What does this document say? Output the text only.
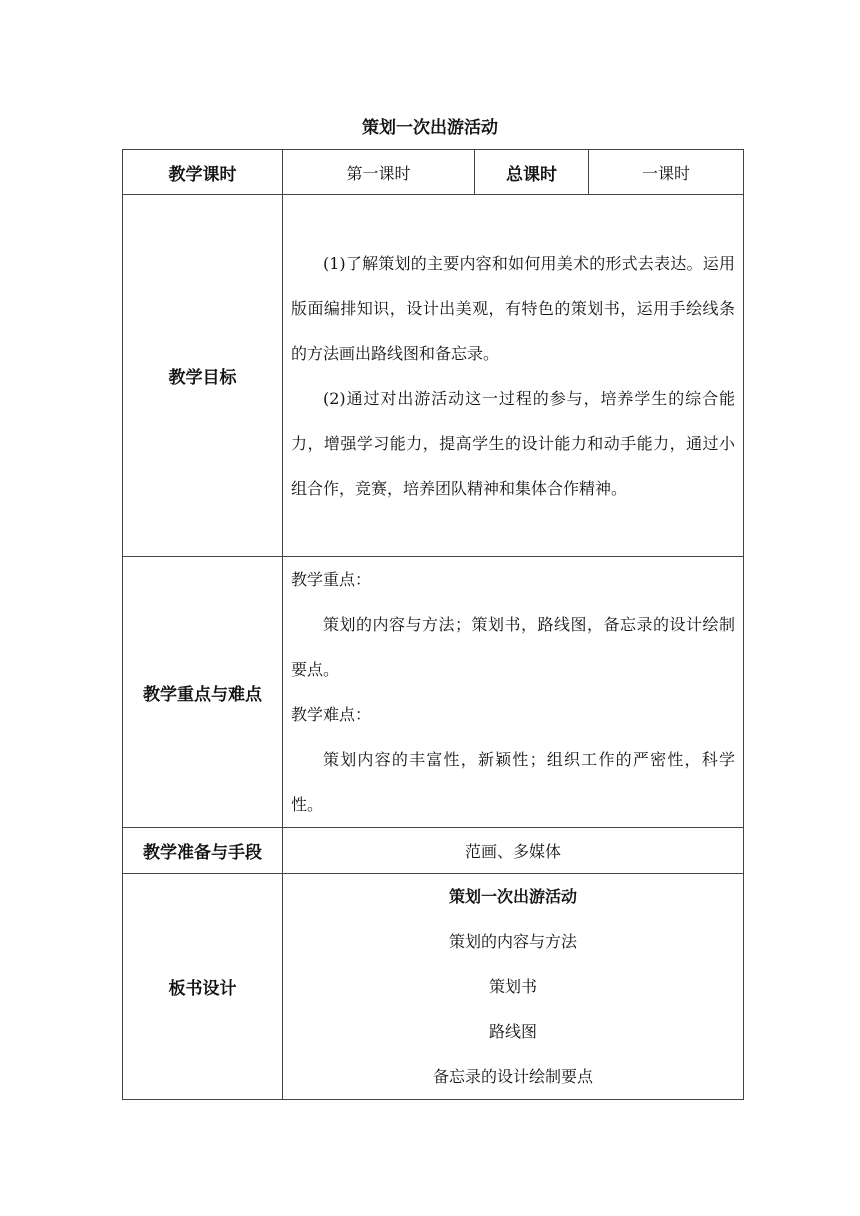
策划一次出游活动
教学课时	第一课时	总课时	一课时
教学目标	(1)了解策划的主要内容和如何用美术的形式去表达。运用版面编排知识，设计出美观，有特色的策划书，运用手绘线条的方法画出路线图和备忘录。

(2)通过对出游活动这一过程的参与，培养学生的综合能力，增强学习能力，提高学生的设计能力和动手能力，通过小组合作，竞赛，培养团队精神和集体合作精神。		

教学重点与难点	教学重点：

策划的内容与方法；策划书，路线图，备忘录的设计绘制要点。

教学难点：

策划内容的丰富性，新颖性；组织工作的严密性，科学性。		

教学准备与手段	范画、多媒体		
板书设计	策划一次出游活动

策划的内容与方法

策划书

路线图

备忘录的设计绘制要点		
